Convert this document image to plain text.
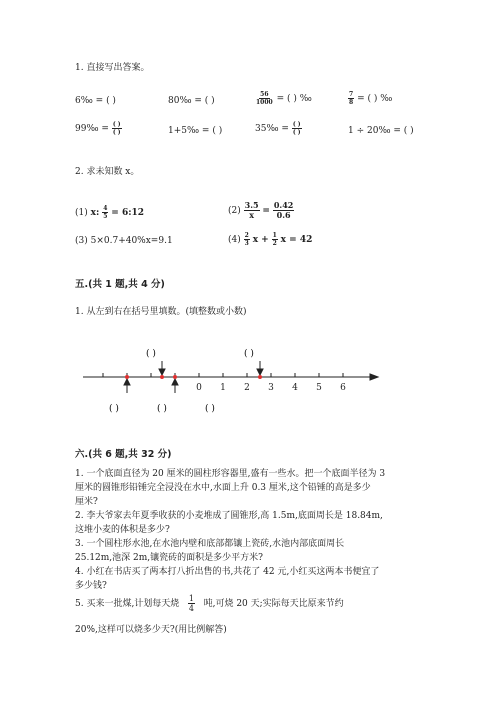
1. 直接写出答案。
6‰ = ( )	80‰ = ( )	$\frac{56}{1000}$ = ( ) ‰	$\frac{7}{8}$ = ( ) ‰
99‰ = $\frac{( )}{( )}$	1+5‰ = ( )	35‰ = $\frac{( )}{( )}$	1 ÷ 20‰ = ( )
2. 求未知数 x。
(1) x: $\frac{4}{5}$ = 6:12	$(2) \frac{3.5}{x} = \frac{0.42}{0.6}$
(3) 5×0.7+40%x=9.1	$(4) \frac{2}{3}$ $x + \frac{1}{2}$ x = 42
五.(共 1 题,共 4 分)
1. 从左到右在括号里填数。(填整数或小数)
( )	( )
0 1 2 3 4 5 6
( )	( )	( )
六.(共 6 题,共 32 分)
1. 一个底面直径为 20 厘米的圆柱形容器里,盛有一些水。把一个底面半径为 3
厘米的圆锥形铅锤完全浸没在水中,水面上升 0.3 厘米,这个铅锤的高是多少
厘米?
2. 李大爷家去年夏季收获的小麦堆成了圆锥形,高 1.5m,底面周长是 18.84m,
这堆小麦的体积是多少?
3. 一个圆柱形水池,在水池内壁和底部都镶上瓷砖,水池内部底面周长
25.12m,池深 2m,镶瓷砖的面积是多少平方米?
4. 小红在书店买了两本打八折出售的书,共花了 42 元,小红买这两本书便宜了
多少钱?
5. 买来一批煤,计划每天烧 $\frac{1}{4}$ 吨,可烧 20 天;实际每天比原来节约
20%,这样可以烧多少天?(用比例解答)
